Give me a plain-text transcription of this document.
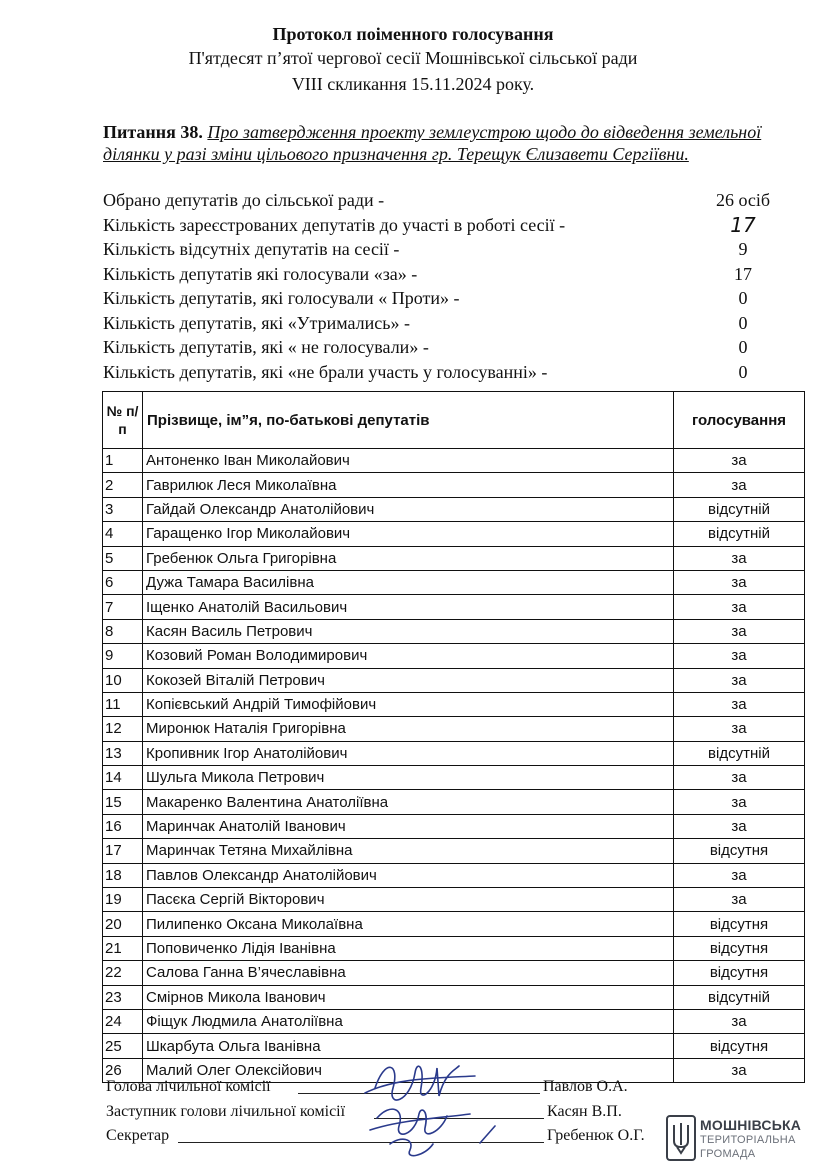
Протокол поіменного голосування
П'ятдесят п’ятої чергової сесії Мошнівської сільської ради
VIII скликання 15.11.2024 року.
Питання 38. Про затвердження проекту землеустрою щодо до відведення земельної ділянки у разі зміни цільового призначення гр. Терещук Єлизавети Сергіївни.
Обрано депутатів до сільської ради -	26 осіб
Кількість зареєстрованих депутатів до участі в роботі сесії -	17
Кількість відсутніх депутатів на сесії -	9
Кількість депутатів які голосували «за» -	17
Кількість депутатів, які голосували « Проти» -	0
Кількість депутатів, які «Утримались» -	0
Кількість депутатів, які « не голосували» -	0
Кількість депутатів, які «не брали участь у голосуванні» -	0
№ п/п	Прізвище, ім”я, по-батькові депутатів	голосування
1	Антоненко Іван Миколайович	за
2	Гаврилюк Леся Миколаївна	за
3	Гайдай Олександр Анатолійович	відсутній
4	Гаращенко Ігор Миколайович	відсутній
5	Гребенюк Ольга Григорівна	за
6	Дужа Тамара Василівна	за
7	Іщенко Анатолій Васильович	за
8	Касян Василь Петрович	за
9	Козовий Роман Володимирович	за
10	Кокозей Віталій Петрович	за
11	Копієвський Андрій Тимофійович	за
12	Миронюк Наталія Григорівна	за
13	Кропивник Ігор Анатолійович	відсутній
14	Шульга Микола Петрович	за
15	Макаренко Валентина Анатоліївна	за
16	Маринчак Анатолій Іванович	за
17	Маринчак Тетяна Михайлівна	відсутня
18	Павлов Олександр Анатолійович	за
19	Пасєка Сергій Вікторович	за
20	Пилипенко Оксана Миколаївна	відсутня
21	Поповиченко Лідія Іванівна	відсутня
22	Салова Ганна В’ячеславівна	відсутня
23	Смірнов Микола Іванович	відсутній
24	Фіщук Людмила Анатоліївна	за
25	Шкарбута Ольга Іванівна	відсутня
26	Малий Олег Олексійович	за
Голова лічильної комісії	Павлов О.А.
Заступник голови лічильної комісії	Касян В.П.
Секретар	Гребенюк О.Г.
МОШНІВСЬКА
ТЕРИТОРІАЛЬНА
ГРОМАДА
